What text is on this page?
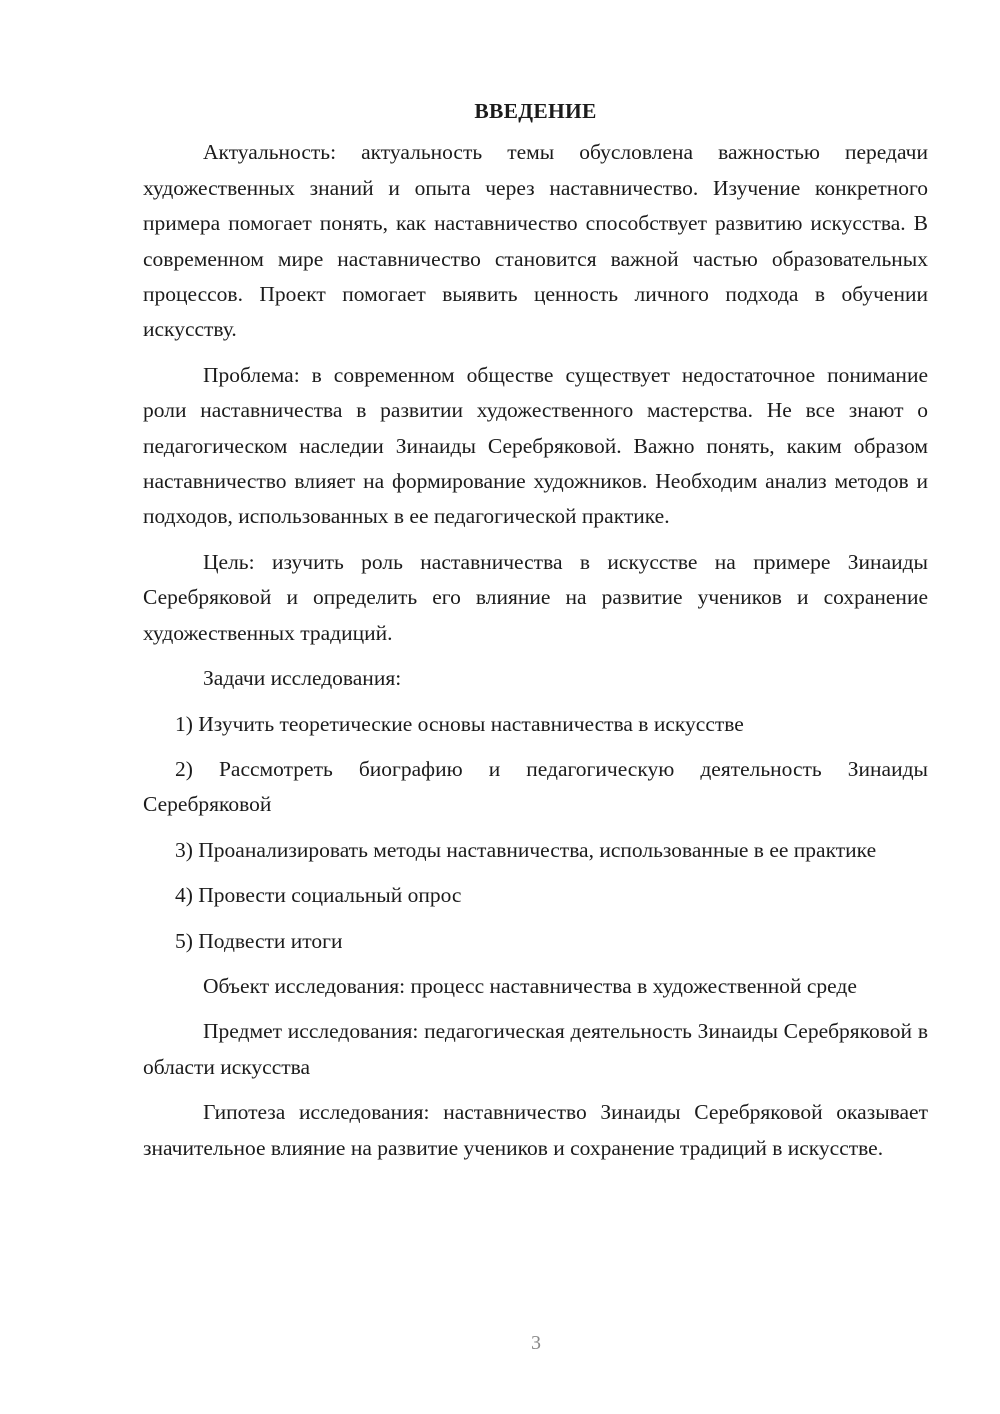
ВВЕДЕНИЕ

Актуальность: актуальность темы обусловлена важностью передачи художественных знаний и опыта через наставничество. Изучение конкретного примера помогает понять, как наставничество способствует развитию искусства. В современном мире наставничество становится важной частью образовательных процессов. Проект помогает выявить ценность личного подхода в обучении искусству.

Проблема: в современном обществе существует недостаточное понимание роли наставничества в развитии художественного мастерства. Не все знают о педагогическом наследии Зинаиды Серебряковой. Важно понять, каким образом наставничество влияет на формирование художников. Необходим анализ методов и подходов, использованных в ее педагогической практике.

Цель: изучить роль наставничества в искусстве на примере Зинаиды Серебряковой и определить его влияние на развитие учеников и сохранение художественных традиций.

Задачи исследования:

1) Изучить теоретические основы наставничества в искусстве

2) Рассмотреть биографию и педагогическую деятельность Зинаиды Серебряковой

3) Проанализировать методы наставничества, использованные в ее практике

4) Провести социальный опрос

5) Подвести итоги

Объект исследования: процесс наставничества в художественной среде

Предмет исследования: педагогическая деятельность Зинаиды Серебряковой в области искусства

Гипотеза исследования: наставничество Зинаиды Серебряковой оказывает значительное влияние на развитие учеников и сохранение традиций в искусстве.

3
